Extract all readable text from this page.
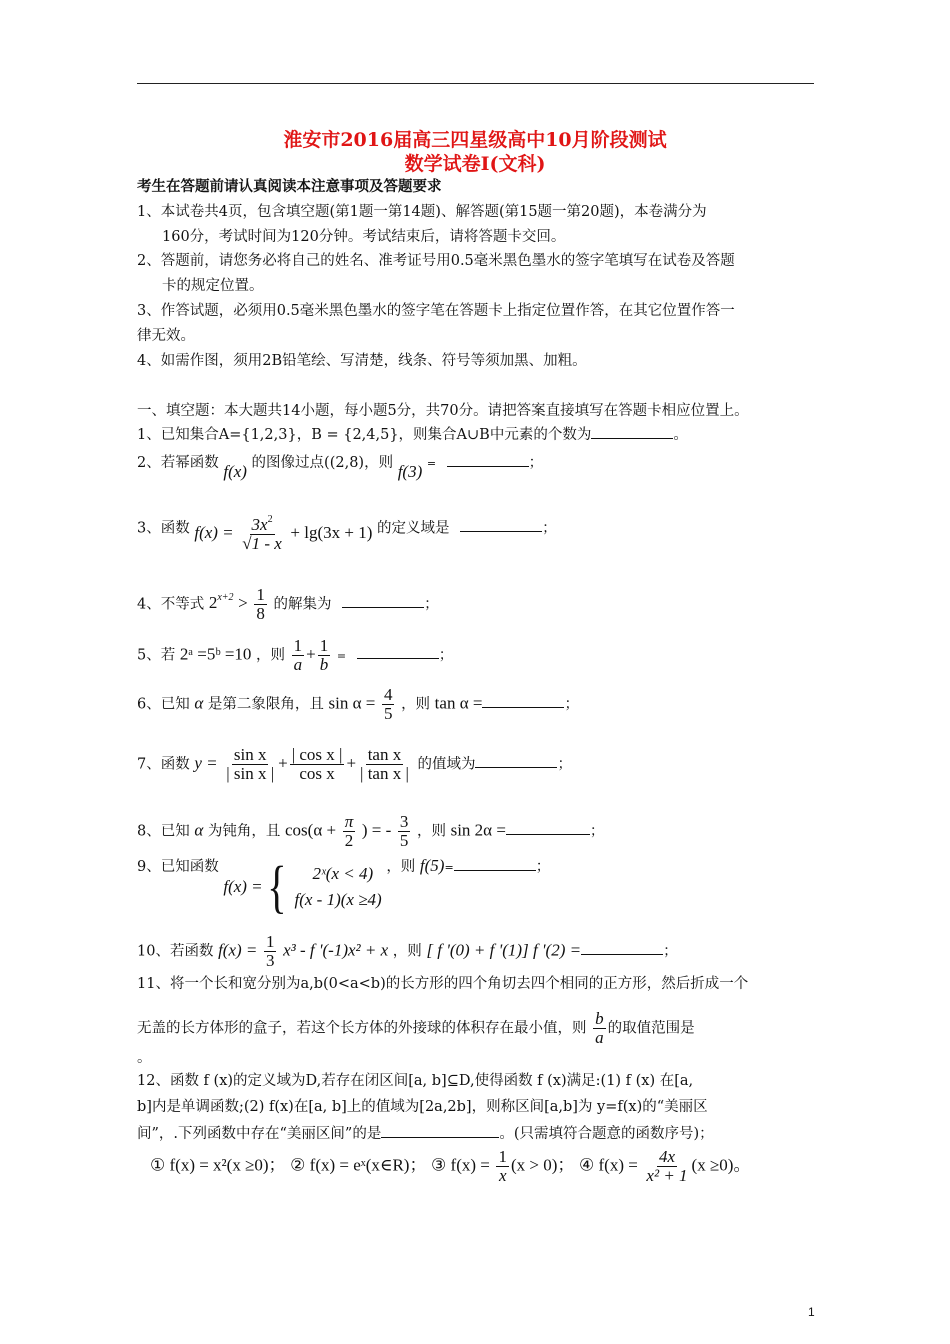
淮安市2016届高三四星级高中10月阶段测试
数学试卷Ⅰ(文科)
考生在答题前请认真阅读本注意事项及答题要求
1、本试卷共4页，包含填空题(第1题一第14题)、解答题(第15题一第20题)，本卷满分为
160分，考试时间为120分钟。考试结束后，请将答题卡交回。
2、答题前，请您务必将自己的姓名、准考证号用0.5毫米黑色墨水的签字笔填写在试卷及答题
卡的规定位置。
3、作答试题，必须用0.5毫米黑色墨水的签字笔在答题卡上指定位置作答，在其它位置作答一
律无效。
4、如需作图，须用2B铅笔绘、写清楚，线条、符号等须加黑、加粗。
一、填空题：本大题共14小题，每小题5分，共70分。请把答案直接填写在答题卡相应位置上。
1、已知集合A={1,2,3}，B = {2,4,5}，则集合A∪B中元素的个数为	。
2、若幂函数 f(x) 的图像过点((2,8)，则 f(3) =	；
3、函数 $f(x) = \frac{3x^2}{√1 - x} + \lg(3x + 1)$ 的定义域是	；
4、不等式 $2^{x+2} > \frac{1}{8}$ 的解集为	；
5、若 2ᵃ =5ᵇ =10 ，则 $\frac{1}{a} + \frac{1}{b}$ =	；
6、已知 α 是第二象限角，且 $\sin \alpha = \frac{4}{5}$ ，则 tan α =	；
7、函数 $y = \frac{\text{sin x}}{\text{| sin x |}} + \frac{\text{| cos x |}}{\text{cos x}} + \frac{\text{tan x}}{\text{| tan x |}}$ 的值域为	；
8、已知 α 为钝角，且 $\cos(\alpha + \frac{\pi}{2}$ ) = - $\frac{3}{5}$ ，则 sin 2α =	；
9、已知函数
f(x) = {	2ˣ(x < 4)
f(x - 1)(x ≥4)
，则 f(5)=	；
10、若函数 $f(x) = \frac{1}{3} x^3 - f$ '(-1)x² + x ，则 [ f '(0) + f '(1)] f '(2) =	；
11、将一个长和宽分别为a,b(0<a<b)的长方形的四个角切去四个相同的正方形，然后折成一个
无盖的长方体形的盒子，若这个长方体的外接球的体积存在最小值，则 $\frac{b}{a}$ 的取值范围是
。
12、函数 f (x)的定义域为D,若存在闭区间[a, b]⊆D,使得函数 f (x)满足:(1) f (x) 在[a,
b]内是单调函数;(2) f(x)在[a, b]上的值域为[2a,2b]，则称区间[a,b]为 y=f(x)的“美丽区
间”，.下列函数中存在“美丽区间”的是	。(只需填符合题意的函数序号)；
① f(x) = x²(x ≥0)； ② f(x) = eˣ(x∈R)； ③ $f(x) = \frac{1}{x} (x > 0)$； ④ $f(x) = \frac{4x}{\text{x² + 1}} (x \ge 0)$。
1
